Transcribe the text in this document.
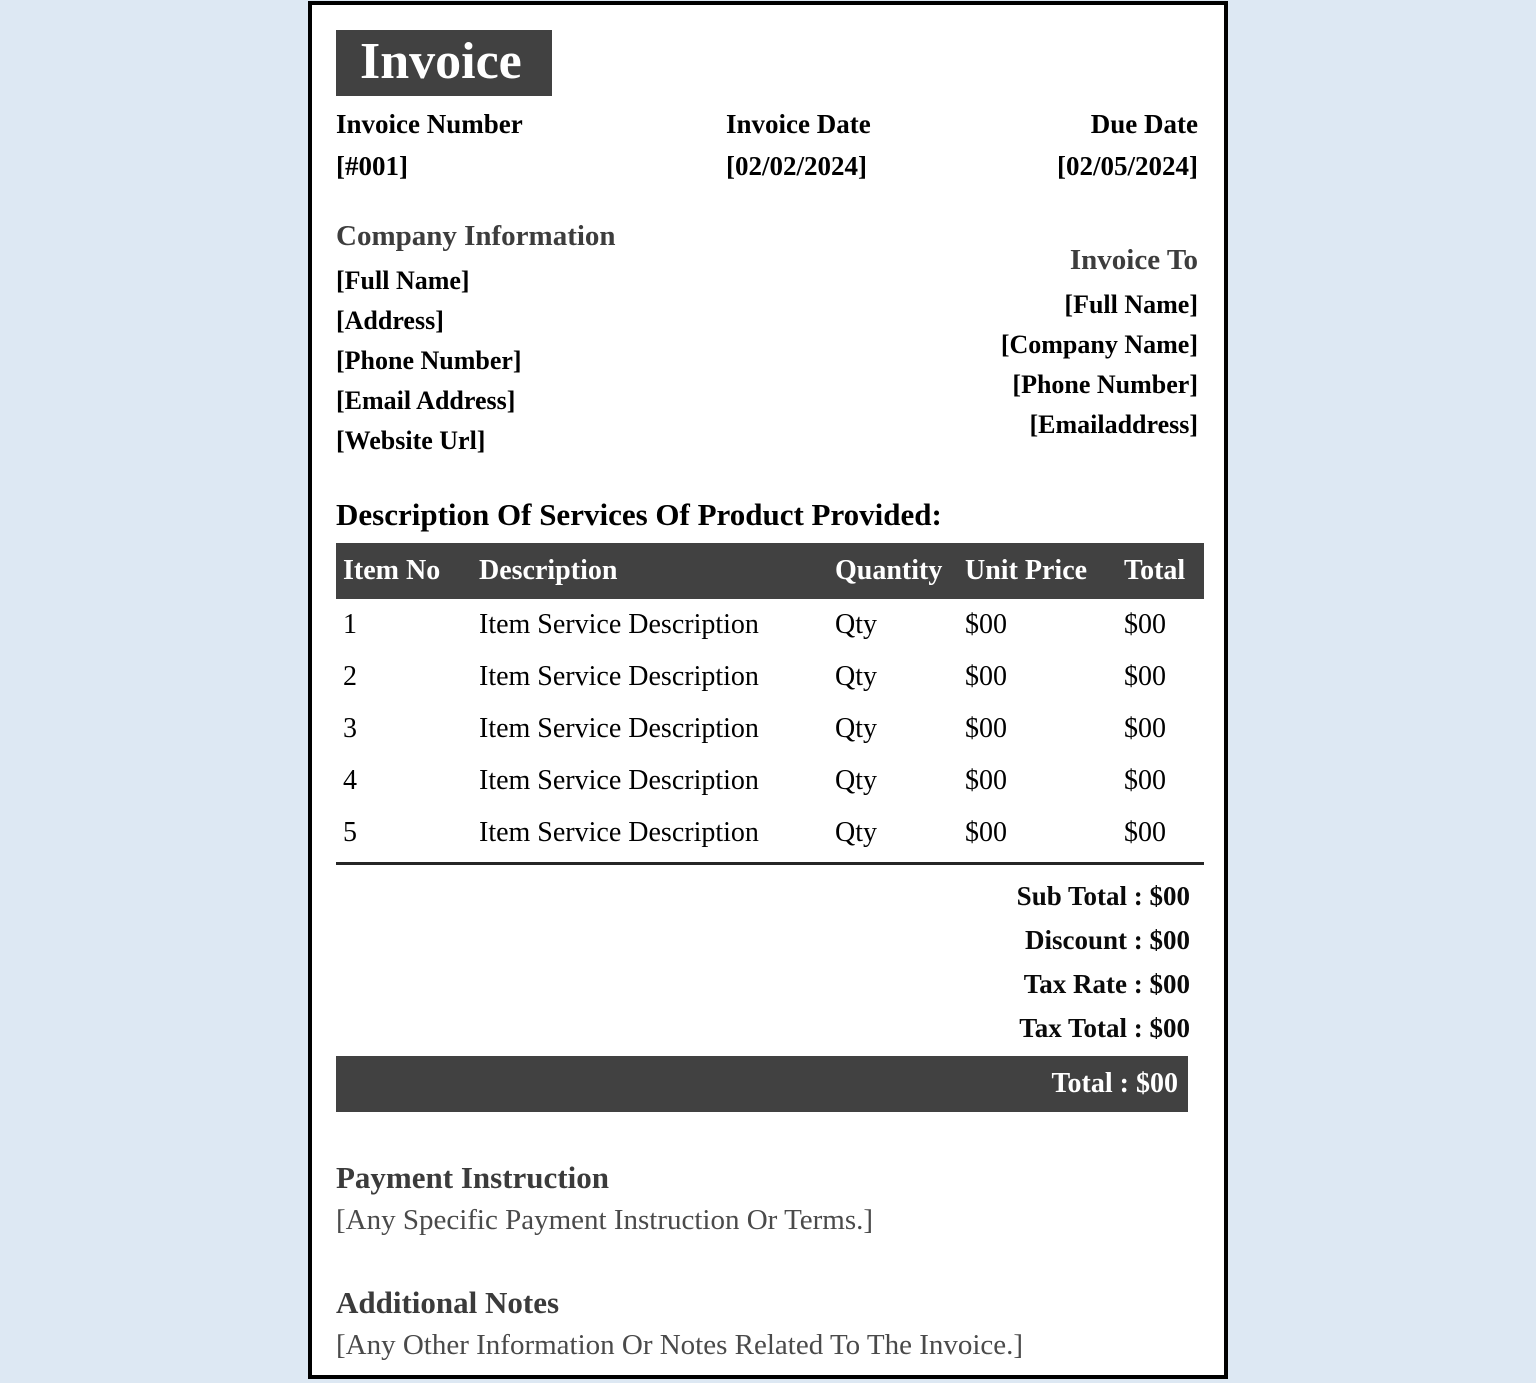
Invoice
Invoice Number
[#001]
Invoice Date
[02/02/2024]
Due Date
[02/05/2024]
Company Information
[Full Name]
[Address]
[Phone Number]
[Email Address]
[Website Url]
Invoice To
[Full Name]
[Company Name]
[Phone Number]
[Emailaddress]
Description Of Services Of Product Provided:
Item No	Description	Quantity	Unit Price	Total
1	Item Service Description	Qty	$00	$00
2	Item Service Description	Qty	$00	$00
3	Item Service Description	Qty	$00	$00
4	Item Service Description	Qty	$00	$00
5	Item Service Description	Qty	$00	$00
Sub Total : $00
Discount : $00
Tax Rate : $00
Tax Total : $00
Total : $00
Payment Instruction

[Any Specific Payment Instruction Or Terms.]

Additional Notes

[Any Other Information Or Notes Related To The Invoice.]
